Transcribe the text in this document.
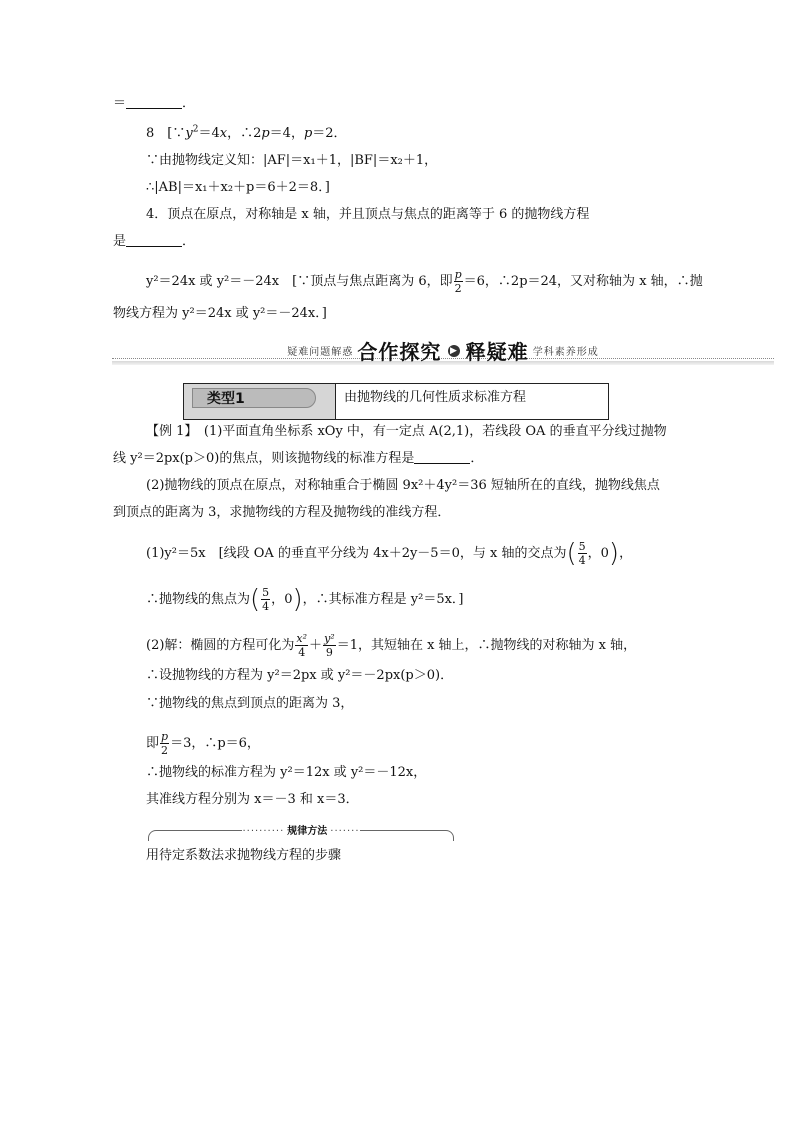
＝	．
8　[$\because y^2=4x$，∴2p＝4，p＝2．
∵由抛物线定义知：|AF|＝x₁＋1，|BF|＝x₂＋1，
∴|AB|＝x₁＋x₂＋p＝6＋2＝8．]
4．顶点在原点，对称轴是 x 轴，并且顶点与焦点的距离等于 6 的抛物线方程
是	．
y²＝24x 或 y²＝－24x　[∵顶点与焦点距离为 6，即 $\frac{p}{2} =6$，∴2p＝24，又对称轴为 x 轴，∴抛
物线方程为 y²＝24x 或 y²＝－24x．]
疑难问题解惑 合作探究 ▶ 释疑难 学科素养形成
类型1	由抛物线的几何性质求标准方程
【例 1】　(1)平面直角坐标系 xOy 中，有一定点 A(2,1)，若线段 OA 的垂直平分线过抛物
线 y²＝2px(p＞0)的焦点，则该抛物线的标准方程是	．
(2)抛物线的顶点在原点，对称轴重合于椭圆 9x²＋4y²＝36 短轴所在的直线，抛物线焦点
到顶点的距离为 3，求抛物线的方程及抛物线的准线方程．
(1)y²＝5x　[线段 OA 的垂直平分线为 4x＋2y－5＝0，与 x 轴的交点为( $\frac{5}{4}$ ，0)，
∴抛物线的焦点为( $\frac{5}{4}$ ，0)，∴其标准方程是 y²＝5x．]
(2)解：椭圆的方程可化为 $\frac{\text{x²}}{4} + \frac{\text{y²}}{9} =1$，其短轴在 x 轴上，∴抛物线的对称轴为 x 轴，
∴设抛物线的方程为 y²＝2px 或 y²＝－2px(p＞0)．
∵抛物线的焦点到顶点的距离为 3，
即 $\frac{p}{2} =3$，∴p＝6，
∴抛物线的标准方程为 y²＝12x 或 y²＝－12x，
其准线方程分别为 x＝－3 和 x＝3．
·········· 规律方法 ·······
用待定系数法求抛物线方程的步骤
